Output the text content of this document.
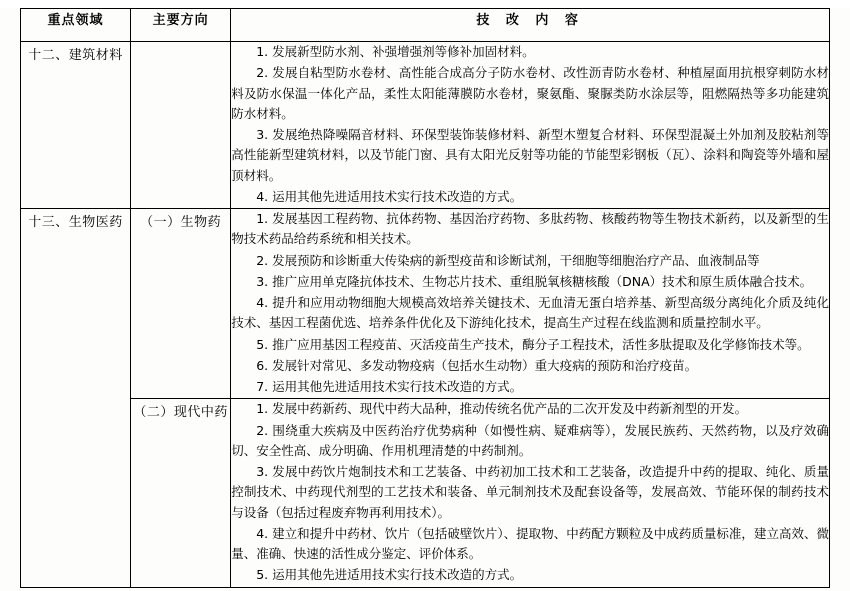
重点领域	主要方向	技 改 内 容

十二、建筑材料		1. 发展新型防水剂、补强增强剂等修补加固材料。

2. 发展自粘型防水卷材、高性能合成高分子防水卷材、改性沥青防水卷材、种植屋面用抗根穿刺防水材料及防水保温一体化产品，柔性太阳能薄膜防水卷材，聚氨酯、聚脲类防水涂层等，阻燃隔热等多功能建筑防水材料。

3. 发展绝热降噪隔音材料、环保型装饰装修材料、新型木塑复合材料、环保型混凝土外加剂及胶粘剂等高性能新型建筑材料，以及节能门窗、具有太阳光反射等功能的节能型彩钢板（瓦）、涂料和陶瓷等外墙和屋顶材料。

4. 运用其他先进适用技术实行技术改造的方式。

十三、生物医药	（一）生物药	1. 发展基因工程药物、抗体药物、基因治疗药物、多肽药物、核酸药物等生物技术新药，以及新型的生物技术药品给药系统和相关技术。

2. 发展预防和诊断重大传染病的新型疫苗和诊断试剂，干细胞等细胞治疗产品、血液制品等

3. 推广应用单克隆抗体技术、生物芯片技术、重组脱氧核糖核酸（DNA）技术和原生质体融合技术。

4. 提升和应用动物细胞大规模高效培养关键技术、无血清无蛋白培养基、新型高级分离纯化介质及纯化技术、基因工程菌优选、培养条件优化及下游纯化技术，提高生产过程在线监测和质量控制水平。

5. 推广应用基因工程疫苗、灭活疫苗生产技术，酶分子工程技术，活性多肽提取及化学修饰技术等。

6. 发展针对常见、多发动物疫病（包括水生动物）重大疫病的预防和治疗疫苗。

7. 运用其他先进适用技术实行技术改造的方式。

	（二）现代中药	1. 发展中药新药、现代中药大品种，推动传统名优产品的二次开发及中药新剂型的开发。

2. 围绕重大疾病及中医药治疗优势病种（如慢性病、疑难病等），发展民族药、天然药物，以及疗效确切、安全性高、成分明确、作用机理清楚的中药制剂。

3. 发展中药饮片炮制技术和工艺装备、中药初加工技术和工艺装备，改造提升中药的提取、纯化、质量控制技术、中药现代剂型的工艺技术和装备、单元制剂技术及配套设备等，发展高效、节能环保的制药技术与设备（包括过程废弃物再利用技术）。

4. 建立和提升中药材、饮片（包括破壁饮片）、提取物、中药配方颗粒及中成药质量标准，建立高效、微量、准确、快速的活性成分鉴定、评价体系。

5. 运用其他先进适用技术实行技术改造的方式。
